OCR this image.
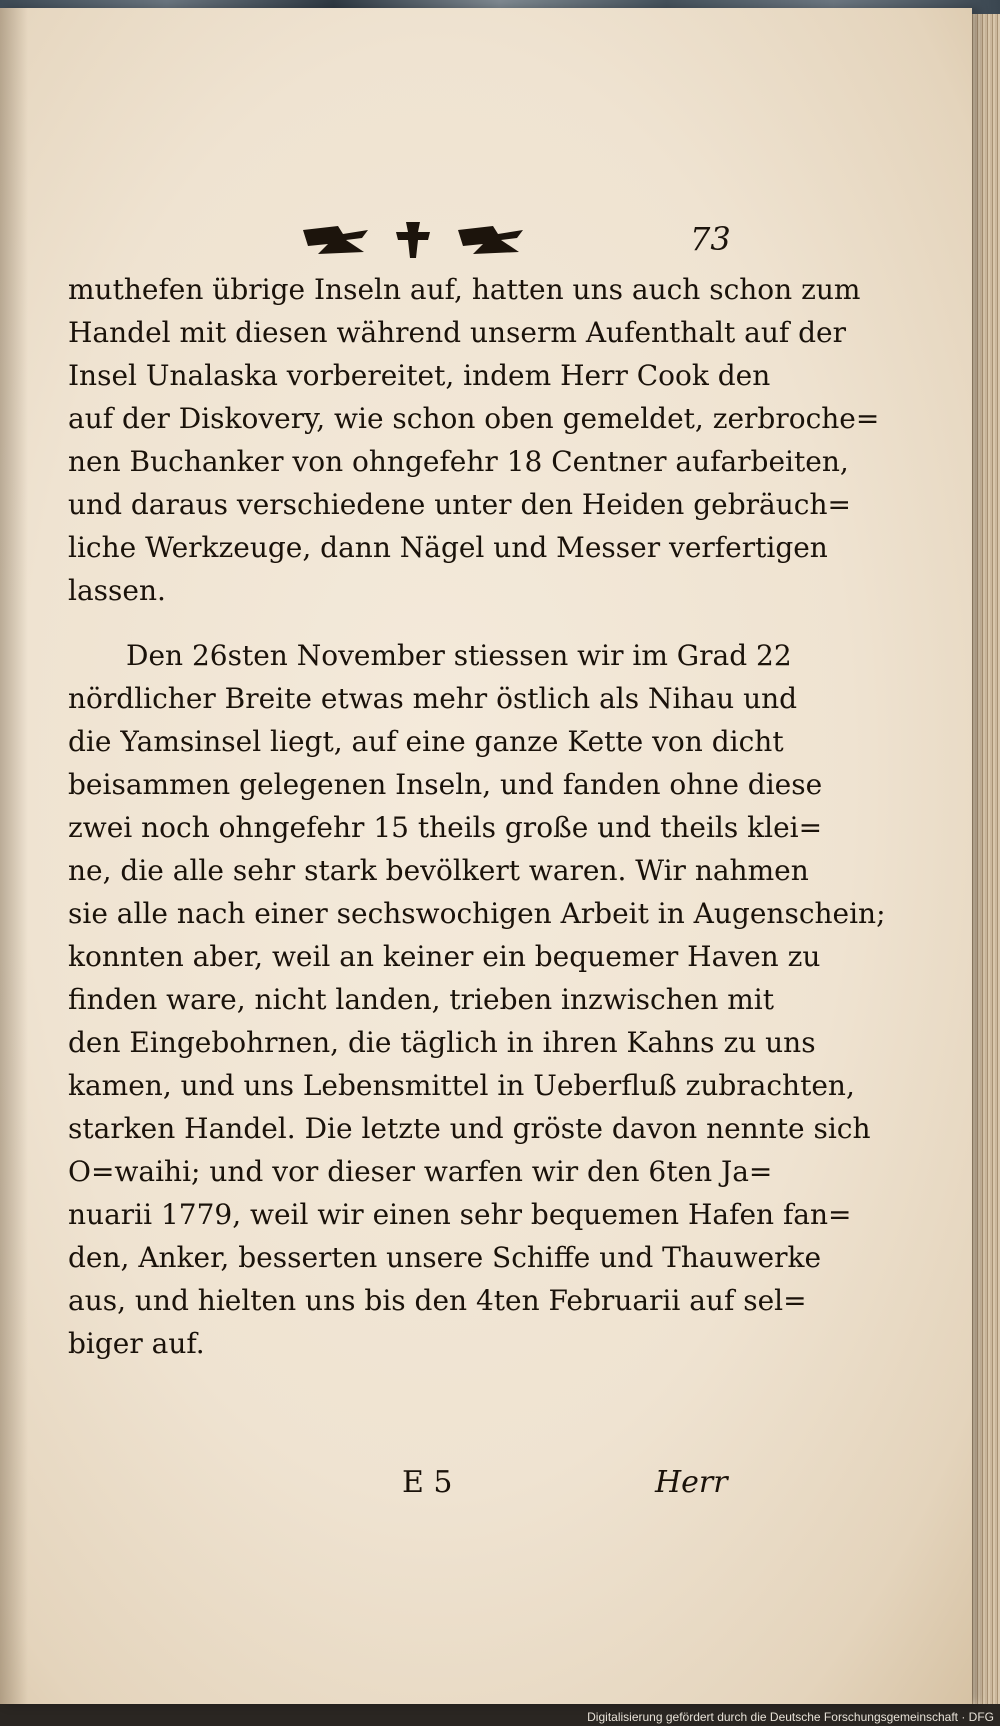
73
muthefen übrige Inseln auf, hatten uns auch schon zum
Handel mit diesen während unserm Aufenthalt auf der
Insel Unalaska vorbereitet, indem Herr Cook den
auf der Diskovery, wie schon oben gemeldet, zerbroche=
nen Buchanker von ohngefehr 18 Centner aufarbeiten,
und daraus verschiedene unter den Heiden gebräuch=
liche Werkzeuge, dann Nägel und Messer verfertigen
lassen.
Den 26sten November stiessen wir im Grad 22
nördlicher Breite etwas mehr östlich als Nihau und
die Yamsinsel liegt, auf eine ganze Kette von dicht
beisammen gelegenen Inseln, und fanden ohne diese
zwei noch ohngefehr 15 theils große und theils klei=
ne, die alle sehr stark bevölkert waren. Wir nahmen
sie alle nach einer sechswochigen Arbeit in Augenschein;
konnten aber, weil an keiner ein bequemer Haven zu
finden ware, nicht landen, trieben inzwischen mit
den Eingebohrnen, die täglich in ihren Kahns zu uns
kamen, und uns Lebensmittel in Ueberfluß zubrachten,
starken Handel. Die letzte und gröste davon nennte sich
O=waihi; und vor dieser warfen wir den 6ten Ja=
nuarii 1779, weil wir einen sehr bequemen Hafen fan=
den, Anker, besserten unsere Schiffe und Thauwerke
aus, und hielten uns bis den 4ten Februarii auf sel=
biger auf.
E 5	Herr
Digitalisierung gefördert durch die Deutsche Forschungsgemeinschaft · DFG
